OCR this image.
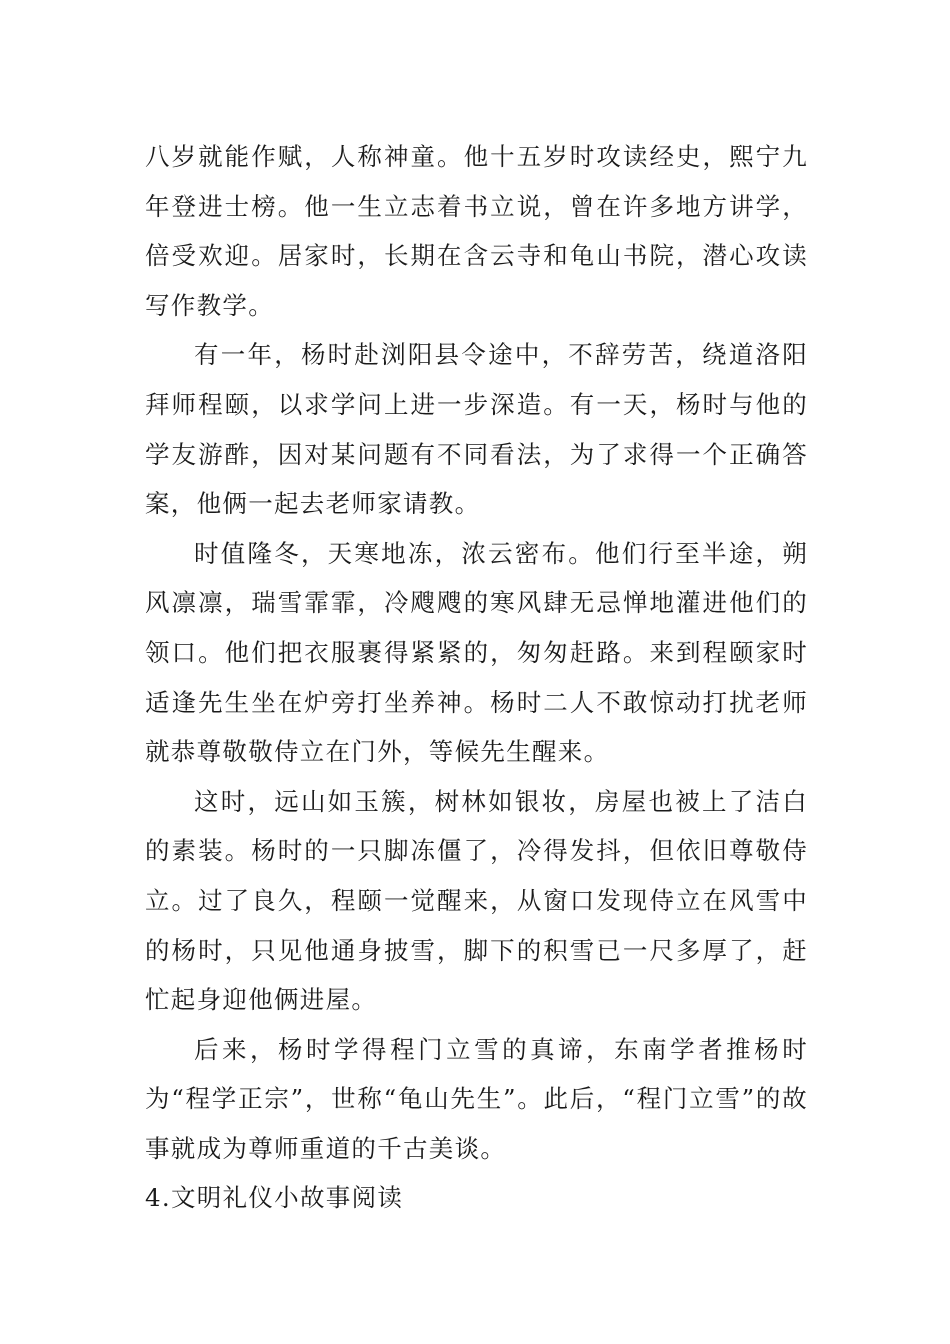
八岁就能作赋，人称神童。他十五岁时攻读经史，熙宁九年登进士榜。他一生立志着书立说，曾在许多地方讲学，倍受欢迎。居家时，长期在含云寺和龟山书院，潜心攻读写作教学。

有一年，杨时赴浏阳县令途中，不辞劳苦，绕道洛阳拜师程颐，以求学问上进一步深造。有一天，杨时与他的学友游酢，因对某问题有不同看法，为了求得一个正确答案，他俩一起去老师家请教。

时值隆冬，天寒地冻，浓云密布。他们行至半途，朔风凛凛，瑞雪霏霏，冷飕飕的寒风肆无忌惮地灌进他们的领口。他们把衣服裹得紧紧的，匆匆赶路。来到程颐家时适逢先生坐在炉旁打坐养神。杨时二人不敢惊动打扰老师就恭尊敬敬侍立在门外，等候先生醒来。

这时，远山如玉簇，树林如银妆，房屋也被上了洁白的素装。杨时的一只脚冻僵了，冷得发抖，但依旧尊敬侍立。过了良久，程颐一觉醒来，从窗口发现侍立在风雪中的杨时，只见他通身披雪，脚下的积雪已一尺多厚了，赶忙起身迎他俩进屋。

后来，杨时学得程门立雪的真谛，东南学者推杨时为“程学正宗”，世称“龟山先生”。此后，“程门立雪”的故事就成为尊师重道的千古美谈。

4.文明礼仪小故事阅读
